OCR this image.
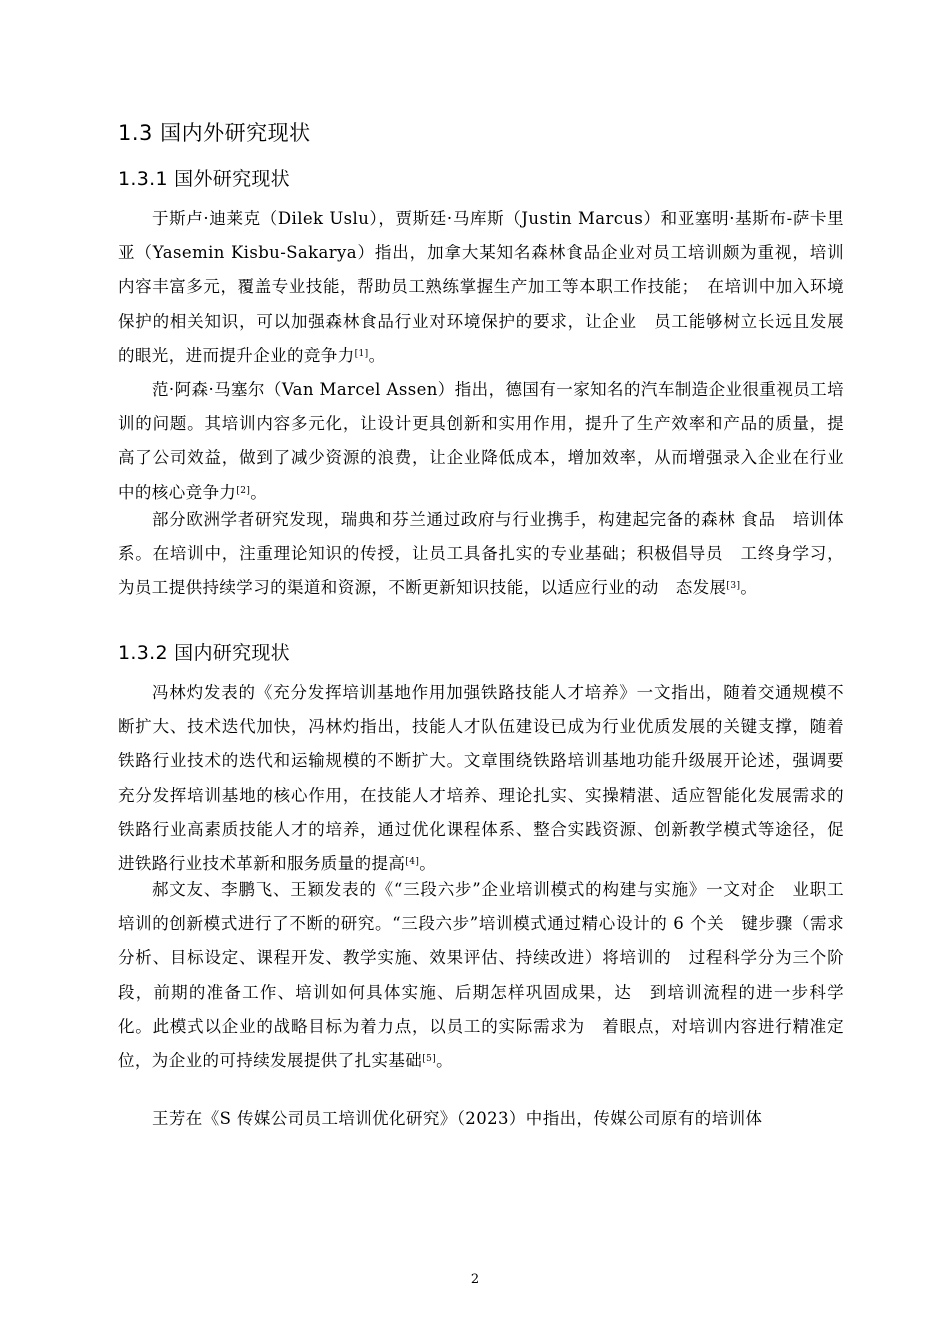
1.3 国内外研究现状
1.3.1 国外研究现状

于斯卢·迪莱克（Dilek Uslu），贾斯廷·马库斯（Justin Marcus）和亚塞明·基斯布-萨卡里亚（Yasemin Kisbu-Sakarya）指出，加拿大某知名森林食品企业对员工培训颇为重视，培训内容丰富多元，覆盖专业技能，帮助员工熟练掌握生产加工等本职工作技能；　在培训中加入环境保护的相关知识，可以加强森林食品行业对环境保护的要求，让企业　员工能够树立长远且发展的眼光，进而提升企业的竞争力[1]。

范·阿森·马塞尔（Van Marcel Assen）指出，德国有一家知名的汽车制造企业很重视员工培训的问题。其培训内容多元化，让设计更具创新和实用作用，提升了生产效率和产品的质量，提高了公司效益，做到了减少资源的浪费，让企业降低成本，增加效率，从而增强录入企业在行业中的核心竞争力[2]。

部分欧洲学者研究发现，瑞典和芬兰通过政府与行业携手，构建起完备的森林 食品　培训体系。在培训中，注重理论知识的传授，让员工具备扎实的专业基础；积极倡导员　工终身学习，为员工提供持续学习的渠道和资源，不断更新知识技能，以适应行业的动　态发展[3]。

1.3.2 国内研究现状

冯林灼发表的《充分发挥培训基地作用加强铁路技能人才培养》一文指出，随着交通规模不断扩大、技术迭代加快，冯林灼指出，技能人才队伍建设已成为行业优质发展的关键支撑，随着铁路行业技术的迭代和运输规模的不断扩大。文章围绕铁路培训基地功能升级展开论述，强调要充分发挥培训基地的核心作用，在技能人才培养、理论扎实、实操精湛、适应智能化发展需求的铁路行业高素质技能人才的培养，通过优化课程体系、整合实践资源、创新教学模式等途径，促进铁路行业技术革新和服务质量的提高[4]。

郝文友、李鹏飞、王颖发表的《“三段六步”企业培训模式的构建与实施》一文对企　业职工培训的创新模式进行了不断的研究。“三段六步”培训模式通过精心设计的 6 个关　键步骤（需求分析、目标设定、课程开发、教学实施、效果评估、持续改进）将培训的　过程科学分为三个阶段，前期的准备工作、培训如何具体实施、后期怎样巩固成果，达　到培训流程的进一步科学化。此模式以企业的战略目标为着力点，以员工的实际需求为　着眼点，对培训内容进行精准定位，为企业的可持续发展提供了扎实基础[5]。

王芳在《S 传媒公司员工培训优化研究》（2023）中指出，传媒公司原有的培训体

2
